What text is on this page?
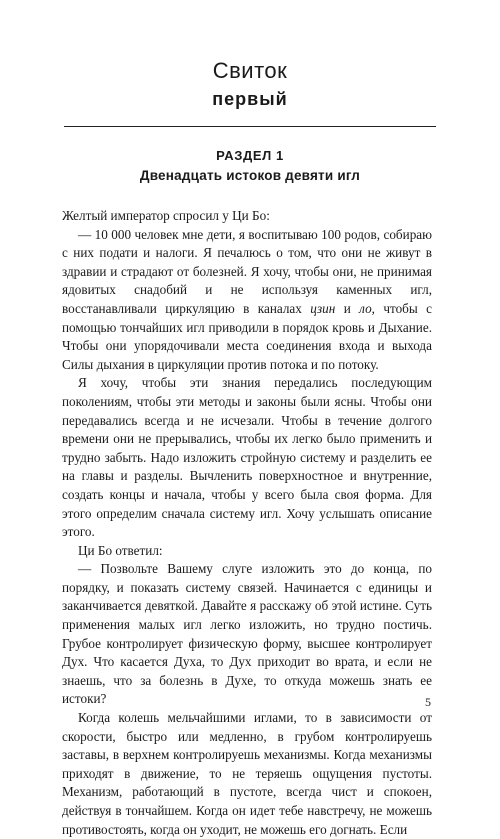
Свиток
первый
РАЗДЕЛ 1
Двенадцать истоков девяти игл

Желтый император спросил у Ци Бо:

— 10 000 человек мне дети, я воспитываю 100 родов, собираю с них подати и налоги. Я печалюсь о том, что они не живут в здравии и страдают от болезней. Я хочу, чтобы они, не принимая ядовитых снадобий и не используя каменных игл, восстанавливали циркуляцию в каналах цзин и ло, чтобы с помощью тончайших игл приводили в порядок кровь и Дыхание. Чтобы они упорядочивали места соединения входа и выхода Силы дыхания в циркуляции против потока и по потоку.

Я хочу, чтобы эти знания передались последующим поколениям, чтобы эти методы и законы были ясны. Чтобы они передавались всегда и не исчезали. Чтобы в течение долгого времени они не прерывались, чтобы их легко было применить и трудно забыть. Надо изложить стройную систему и разделить ее на главы и разделы. Вычленить поверхностное и внутренние, создать концы и начала, чтобы у всего была своя форма. Для этого определим сначала систему игл. Хочу услышать описание этого.

Ци Бо ответил:

— Позвольте Вашему слуге изложить это до конца, по порядку, и показать систему связей. Начинается с единицы и заканчивается девяткой. Давайте я расскажу об этой истине. Суть применения малых игл легко изложить, но трудно постичь. Грубое контролирует физическую форму, высшее контролирует Дух. Что касается Духа, то Дух приходит во врата, и если не знаешь, что за болезнь в Духе, то откуда можешь знать ее истоки?

Когда колешь мельчайшими иглами, то в зависимости от скорости, быстро или медленно, в грубом контролируешь заставы, в верхнем контролируешь механизмы. Когда механизмы приходят в движение, то не теряешь ощущения пустоты. Механизм, работающий в пустоте, всегда чист и спокоен, действуя в тончайшем. Когда он идет тебе навстречу, не можешь противостоять, когда он уходит, не можешь его догнать. Если

5
